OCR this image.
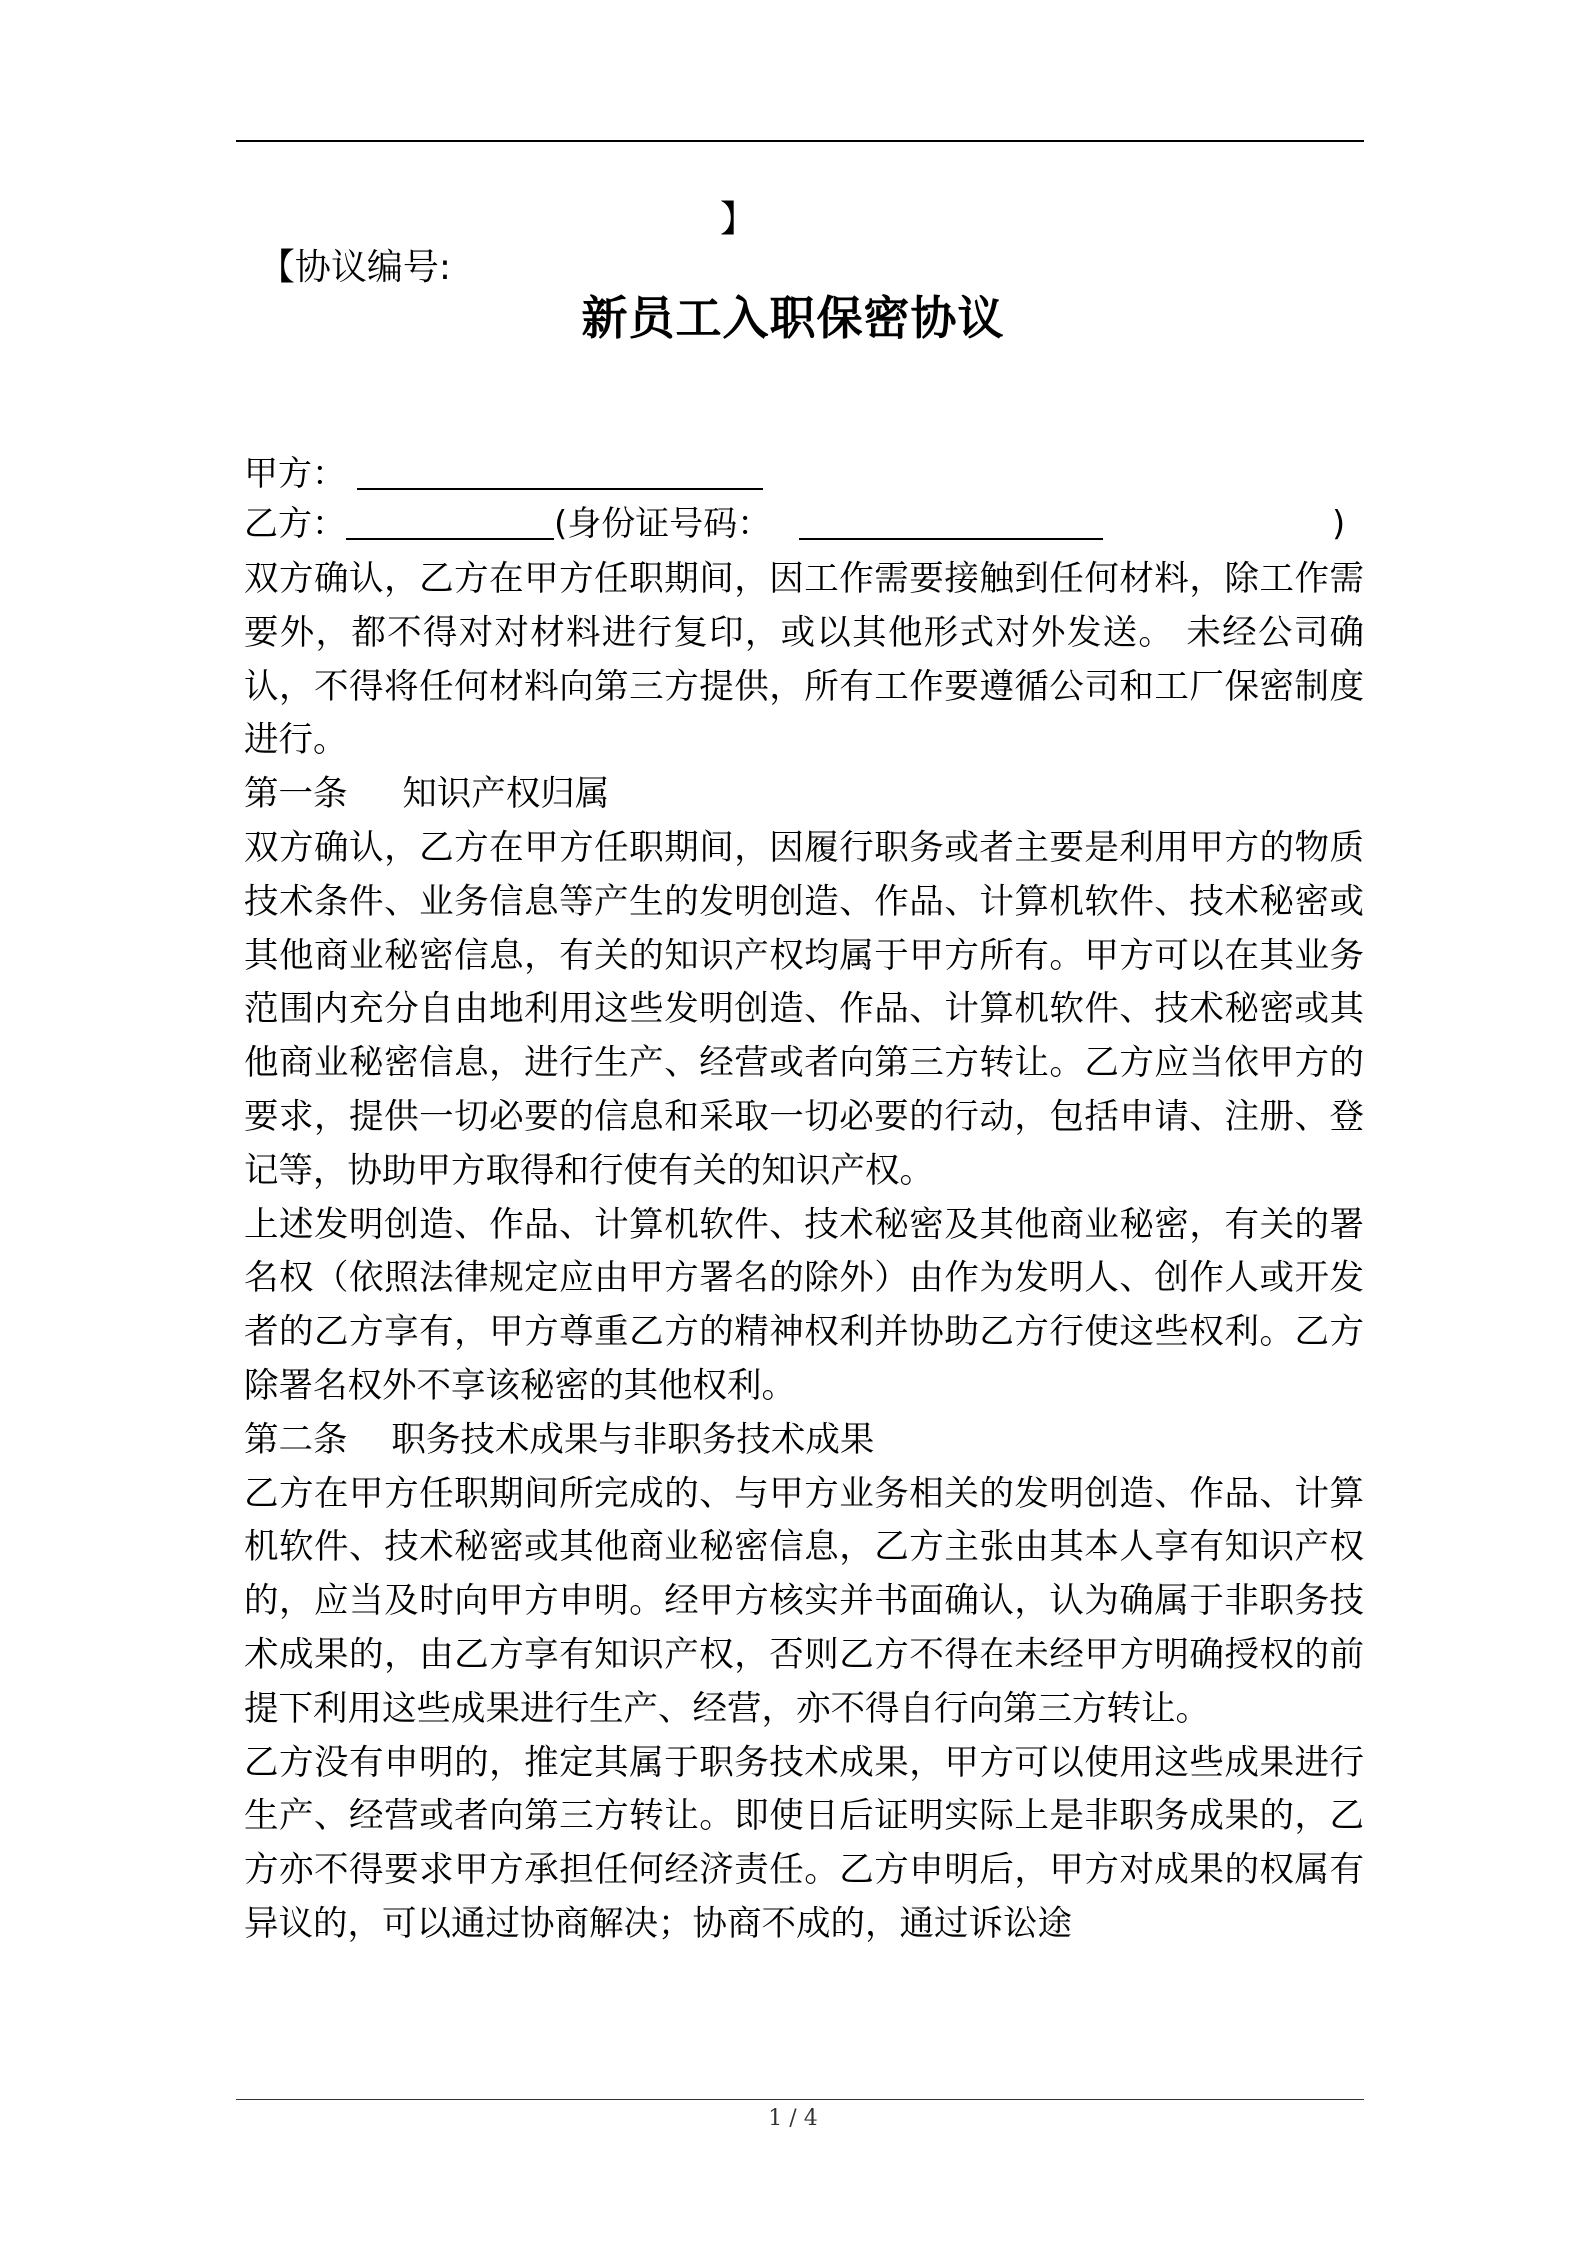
【协议编号:

】

新员工入职保密协议
甲方：
乙方：	(身份证号码：	)

双方确认，乙方在甲方任职期间，因工作需要接触到任何材料，除工作需要外，都不得对对材料进行复印，或以其他形式对外发送。 未经公司确认，不得将任何材料向第三方提供，所有工作要遵循公司和工厂保密制度进行。

第一条     知识产权归属

双方确认，乙方在甲方任职期间，因履行职务或者主要是利用甲方的物质技术条件、业务信息等产生的发明创造、作品、计算机软件、技术秘密或其他商业秘密信息，有关的知识产权均属于甲方所有。甲方可以在其业务范围内充分自由地利用这些发明创造、作品、计算机软件、技术秘密或其他商业秘密信息，进行生产、经营或者向第三方转让。乙方应当依甲方的要求，提供一切必要的信息和采取一切必要的行动，包括申请、注册、登记等，协助甲方取得和行使有关的知识产权。

上述发明创造、作品、计算机软件、技术秘密及其他商业秘密，有关的署名权（依照法律规定应由甲方署名的除外）由作为发明人、创作人或开发者的乙方享有，甲方尊重乙方的精神权利并协助乙方行使这些权利。乙方除署名权外不享该秘密的其他权利。

第二条    职务技术成果与非职务技术成果

乙方在甲方任职期间所完成的、与甲方业务相关的发明创造、作品、计算机软件、技术秘密或其他商业秘密信息，乙方主张由其本人享有知识产权的，应当及时向甲方申明。经甲方核实并书面确认，认为确属于非职务技术成果的，由乙方享有知识产权，否则乙方不得在未经甲方明确授权的前提下利用这些成果进行生产、经营，亦不得自行向第三方转让。

乙方没有申明的，推定其属于职务技术成果，甲方可以使用这些成果进行生产、经营或者向第三方转让。即使日后证明实际上是非职务成果的，乙方亦不得要求甲方承担任何经济责任。乙方申明后，甲方对成果的权属有异议的，可以通过协商解决；协商不成的，通过诉讼途

1 / 4
